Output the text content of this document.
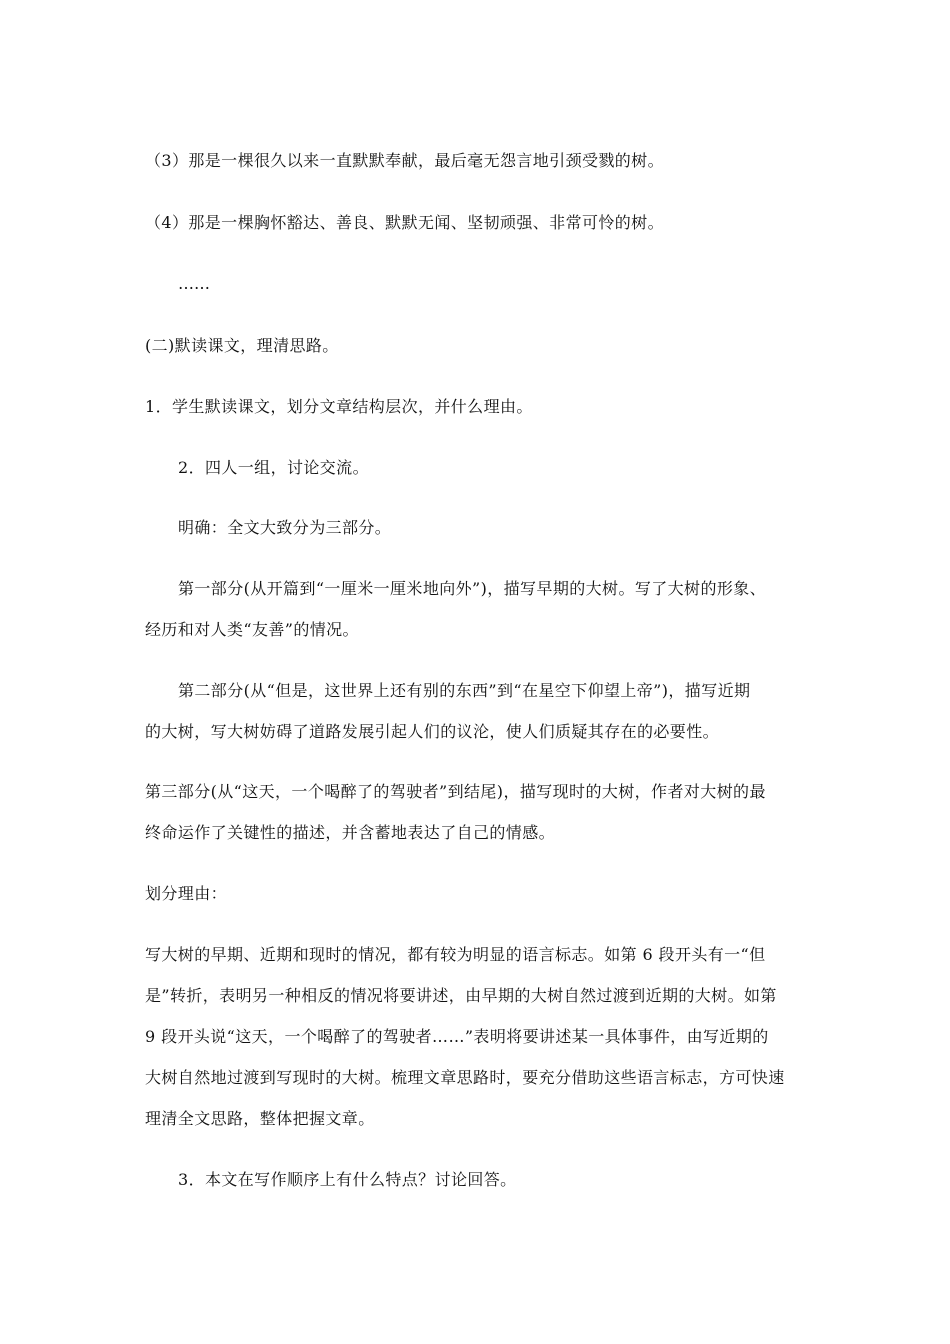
（3）那是一棵很久以来一直默默奉献，最后毫无怨言地引颈受戮的树。
（4）那是一棵胸怀豁达、善良、默默无闻、坚韧顽强、非常可怜的树。
……
(二)默读课文，理清思路。
1．学生默读课文，划分文章结构层次，并什么理由。
2．四人一组，讨论交流。
明确：全文大致分为三部分。
第一部分(从开篇到“一厘米一厘米地向外”)，描写早期的大树。写了大树的形象、
经历和对人类“友善”的情况。
第二部分(从“但是，这世界上还有别的东西”到“在星空下仰望上帝”)，描写近期
的大树，写大树妨碍了道路发展引起人们的议沦，使人们质疑其存在的必要性。
第三部分(从“这天，一个喝醉了的驾驶者”到结尾)，描写现时的大树，作者对大树的最
终命运作了关键性的描述，并含蓄地表达了自己的情感。
划分理由：
写大树的早期、近期和现时的情况，都有较为明显的语言标志。如第 6 段开头有一“但
是”转折，表明另一种相反的情况将要讲述，由早期的大树自然过渡到近期的大树。如第
9 段开头说“这天，一个喝醉了的驾驶者……”表明将要讲述某一具体事件，由写近期的
大树自然地过渡到写现时的大树。梳理文章思路时，要充分借助这些语言标志，方可快速
理清全文思路，整体把握文章。
3．本文在写作顺序上有什么特点？讨论回答。
